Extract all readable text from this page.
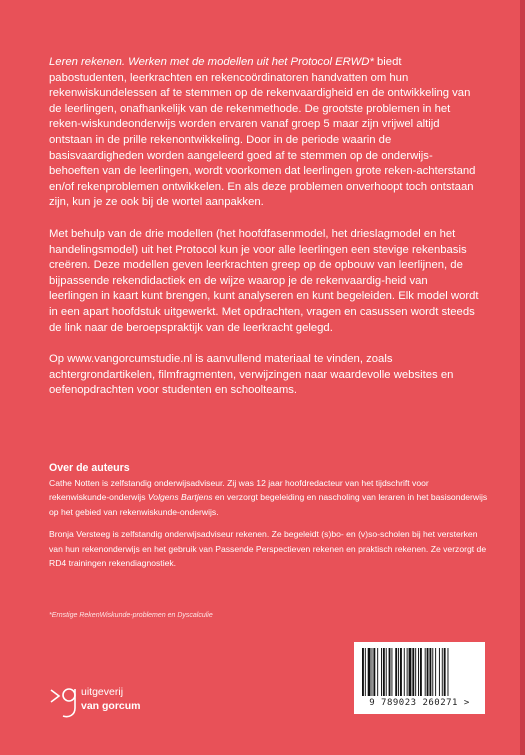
Leren rekenen. Werken met de modellen uit het Protocol ERWD* biedt pabostudenten, leerkrachten en rekencoördinatoren handvatten om hun rekenwiskundelessen af te stemmen op de rekenvaardigheid en de ontwikkeling van de leerlingen, onafhankelijk van de rekenmethode. De grootste problemen in het reken-wiskundeonderwijs worden ervaren vanaf groep 5 maar zijn vrijwel altijd ontstaan in de prille rekenontwikkeling. Door in de periode waarin de basisvaardigheden worden aangeleerd goed af te stemmen op de onderwijs-behoeften van de leerlingen, wordt voorkomen dat leerlingen grote reken-achterstand en/of rekenproblemen ontwikkelen. En als deze problemen onverhoopt toch ontstaan zijn, kun je ze ook bij de wortel aanpakken.

Met behulp van de drie modellen (het hoofdfasenmodel, het drieslagmodel en het handelingsmodel) uit het Protocol kun je voor alle leerlingen een stevige rekenbasis creëren. Deze modellen geven leerkrachten greep op de opbouw van leerlijnen, de bijpassende rekendidactiek en de wijze waarop je de rekenvaardig-heid van leerlingen in kaart kunt brengen, kunt analyseren en kunt begeleiden. Elk model wordt in een apart hoofdstuk uitgewerkt. Met opdrachten, vragen en casussen wordt steeds de link naar de beroepspraktijk van de leerkracht gelegd.

Op www.vangorcumstudie.nl is aanvullend materiaal te vinden, zoals achtergrondartikelen, filmfragmenten, verwijzingen naar waardevolle websites en oefenopdrachten voor studenten en schoolteams.

Over de auteurs

Cathe Notten is zelfstandig onderwijsadviseur. Zij was 12 jaar hoofdredacteur van het tijdschrift voor rekenwiskunde-onderwijs Volgens Bartjens en verzorgt begeleiding en nascholing van leraren in het basisonderwijs op het gebied van rekenwiskunde-onderwijs.

Bronja Versteeg is zelfstandig onderwijsadviseur rekenen. Ze begeleidt (s)bo- en (v)so-scholen bij het versterken van hun rekenonderwijs en het gebruik van Passende Perspectieven rekenen en praktisch rekenen. Ze verzorgt de RD4 trainingen rekendiagnostiek.

*Ernstige RekenWiskunde-problemen en Dyscalculie
uitgeverij
van gorcum	9 789023 260271 >
